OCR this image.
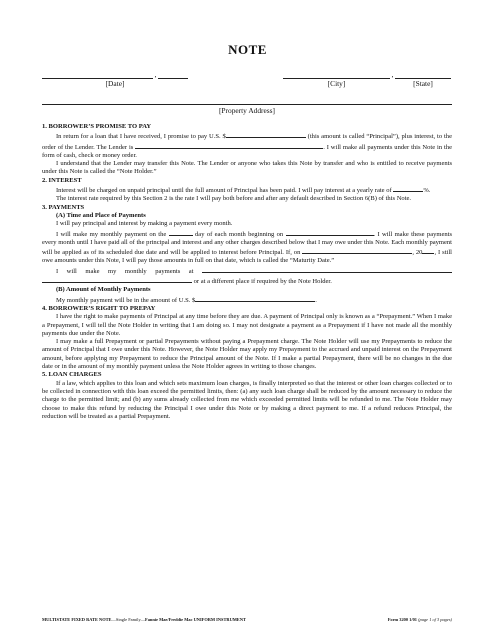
NOTE
,
[Date]
,
[City]	[State]
[Property Address]
1. BORROWER’S PROMISE TO PAY

In return for a loan that I have received, I promise to pay U.S. $	(this amount is called “Principal”), plus interest, to the order of the Lender. The Lender is	. I will make all payments under this Note in the form of cash, check or money order.

I understand that the Lender may transfer this Note. The Lender or anyone who takes this Note by transfer and who is entitled to receive payments under this Note is called the “Note Holder.”

2. INTEREST

Interest will be charged on unpaid principal until the full amount of Principal has been paid. I will pay interest at a yearly rate of	%.

The interest rate required by this Section 2 is the rate I will pay both before and after any default described in Section 6(B) of this Note.

3. PAYMENTS

(A) Time and Place of Payments

I will pay principal and interest by making a payment every month.

I will make my monthly payment on the	day of each month beginning on	. I will make these payments every month until I have paid all of the principal and interest and any other charges described below that I may owe under this Note. Each monthly payment will be applied as of its scheduled due date and will be applied to interest before Principal. If, on	, 20 , I still owe amounts under this Note, I will pay those amounts in full on that date, which is called the “Maturity Date.”

I will make my monthly payments at   or at a different place if required by the Note Holder.

(B) Amount of Monthly Payments

My monthly payment will be in the amount of U.S. $	.

4. BORROWER’S RIGHT TO PREPAY

I have the right to make payments of Principal at any time before they are due. A payment of Principal only is known as a “Prepayment.” When I make a Prepayment, I will tell the Note Holder in writing that I am doing so. I may not designate a payment as a Prepayment if I have not made all the monthly payments due under the Note.

I may make a full Prepayment or partial Prepayments without paying a Prepayment charge. The Note Holder will use my Prepayments to reduce the amount of Principal that I owe under this Note. However, the Note Holder may apply my Prepayment to the accrued and unpaid interest on the Prepayment amount, before applying my Prepayment to reduce the Principal amount of the Note. If I make a partial Prepayment, there will be no changes in the due date or in the amount of my monthly payment unless the Note Holder agrees in writing to those changes.

5. LOAN CHARGES

If a law, which applies to this loan and which sets maximum loan charges, is finally interpreted so that the interest or other loan charges collected or to be collected in connection with this loan exceed the permitted limits, then: (a) any such loan charge shall be reduced by the amount necessary to reduce the charge to the permitted limit; and (b) any sums already collected from me which exceeded permitted limits will be refunded to me. The Note Holder may choose to make this refund by reducing the Principal I owe under this Note or by making a direct payment to me. If a refund reduces Principal, the reduction will be treated as a partial Prepayment.

MULTISTATE FIXED RATE NOTE—Single Family—Fannie Mae/Freddie Mac UNIFORM INSTRUMENT	Form 3200 1/01 (page 1 of 3 pages)
